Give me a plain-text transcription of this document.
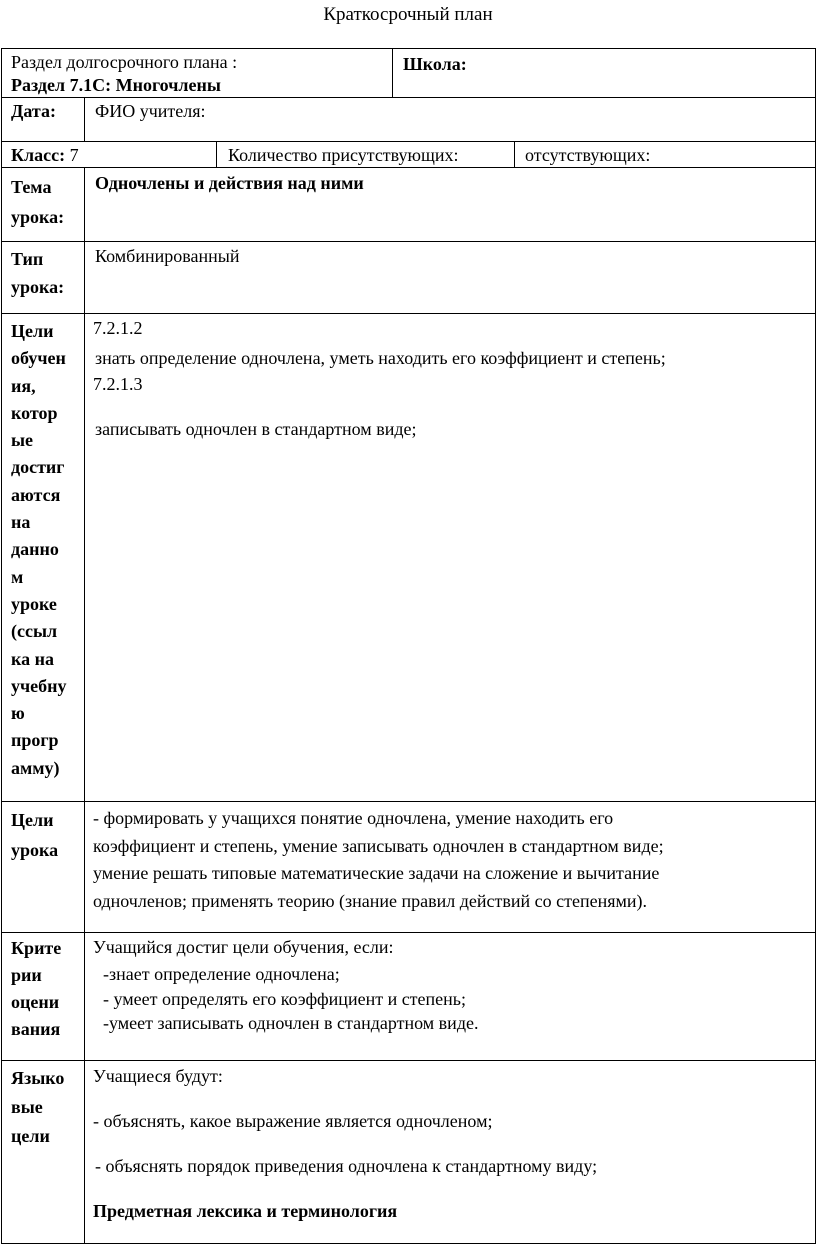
Краткосрочный план
Раздел долгосрочного плана :
Раздел 7.1С: Многочлены
Школа:
Дата: ФИО учителя:
Класс: 7	Количество присутствующих:	отсутствующих:
Тема
урока:
Одночлены и действия над ними
Тип
урока:
Комбинированный
Цели
обучен
ия,
котор
ые
достиг
аются
на
данно
м
уроке
(ссыл
ка на
учебну
ю
прогр
амму)
7.2.1.2
знать определение одночлена, уметь находить его коэффициент и степень;
7.2.1.3
записывать одночлен в стандартном виде;
Цели
урока
- формировать у учащихся понятие одночлена, умение находить его
коэффициент и степень, умение записывать одночлен в стандартном виде;
умение решать типовые математические задачи на сложение и вычитание
одночленов; применять теорию (знание правил действий со степенями).
Крите
рии
оцени
вания
Учащийся достиг цели обучения, если:
-знает определение одночлена;
- умеет определять его коэффициент и степень;
-умеет записывать одночлен в стандартном виде.
Языко
вые
цели
Учащиеся будут:
- объяснять, какое выражение является одночленом;
- объяснять порядок приведения одночлена к стандартному виду;
Предметная лексика и терминология
